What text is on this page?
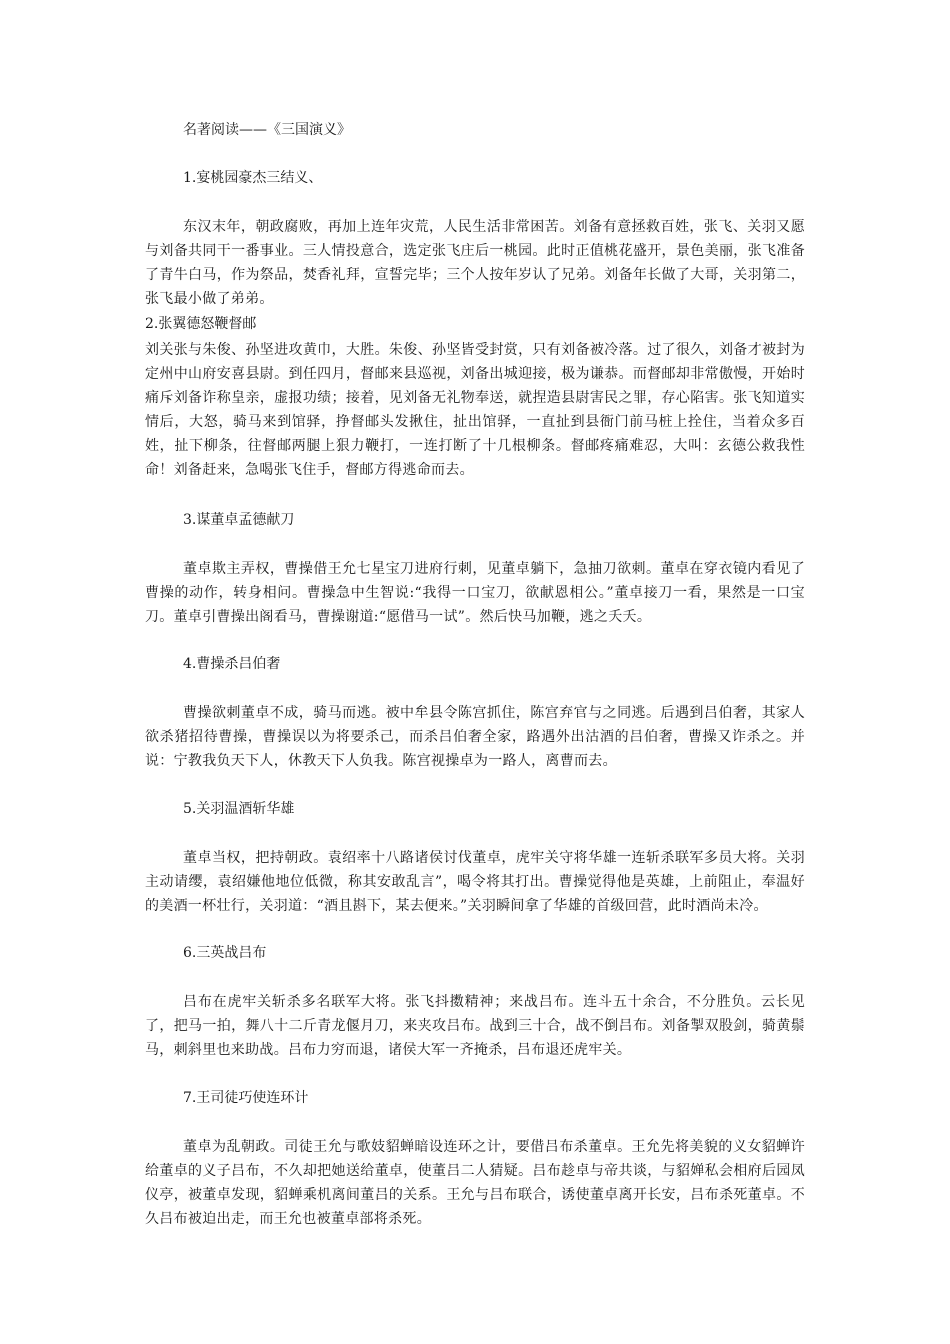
名著阅读——《三国演义》
1.宴桃园豪杰三结义、

东汉末年，朝政腐败，再加上连年灾荒，人民生活非常困苦。刘备有意拯救百姓，张飞、关羽又愿与刘备共同干一番事业。三人情投意合，选定张飞庄后一桃园。此时正值桃花盛开，景色美丽，张飞准备了青牛白马，作为祭品，焚香礼拜，宣誓完毕；三个人按年岁认了兄弟。刘备年长做了大哥，关羽第二，张飞最小做了弟弟。

2.张翼德怒鞭督邮

刘关张与朱俊、孙坚进攻黄巾，大胜。朱俊、孙坚皆受封赏，只有刘备被冷落。过了很久，刘备才被封为定州中山府安喜县尉。到任四月，督邮来县巡视，刘备出城迎接，极为谦恭。而督邮却非常傲慢，开始时痛斥刘备诈称皇亲，虚报功绩；接着，见刘备无礼物奉送，就捏造县尉害民之罪，存心陷害。张飞知道实情后，大怒，骑马来到馆驿，挣督邮头发揪住，扯出馆驿，一直扯到县衙门前马桩上拴住，当着众多百姓，扯下柳条，往督邮两腿上狠力鞭打，一连打断了十几根柳条。督邮疼痛难忍，大叫：玄德公救我性命！刘备赶来，急喝张飞住手，督邮方得逃命而去。

3.谋董卓孟德献刀

董卓欺主弄权，曹操借王允七星宝刀进府行刺，见董卓躺下，急抽刀欲刺。董卓在穿衣镜内看见了曹操的动作，转身相问。曹操急中生智说:“我得一口宝刀，欲献恩相公。”董卓接刀一看，果然是一口宝刀。董卓引曹操出阁看马，曹操谢道:“愿借马一试”。然后快马加鞭，逃之夭夭。

4.曹操杀吕伯奢

曹操欲刺董卓不成，骑马而逃。被中牟县令陈宫抓住，陈宫弃官与之同逃。后遇到吕伯奢，其家人欲杀猪招待曹操，曹操误以为将要杀己，而杀吕伯奢全家，路遇外出沽酒的吕伯奢，曹操又诈杀之。并说：宁教我负天下人，休教天下人负我。陈宫视操卓为一路人，离曹而去。

5.关羽温酒斩华雄

董卓当权，把持朝政。袁绍率十八路诸侯讨伐董卓，虎牢关守将华雄一连斩杀联军多员大将。关羽主动请缨，袁绍嫌他地位低微，称其安敢乱言”，喝令将其打出。曹操觉得他是英雄，上前阻止，奉温好的美酒一杯壮行，关羽道：“酒且斟下，某去便来。”关羽瞬间拿了华雄的首级回营，此时酒尚未冷。

6.三英战吕布

吕布在虎牢关斩杀多名联军大将。张飞抖擞精神；来战吕布。连斗五十余合，不分胜负。云长见了，把马一拍，舞八十二斤青龙偃月刀，来夹攻吕布。战到三十合，战不倒吕布。刘备掣双股剑，骑黄鬃马，刺斜里也来助战。吕布力穷而退，诸侯大军一齐掩杀，吕布退还虎牢关。

7.王司徒巧使连环计

董卓为乱朝政。司徒王允与歌妓貂蝉暗设连环之计，要借吕布杀董卓。王允先将美貌的义女貂蝉许给董卓的义子吕布，不久却把她送给董卓，使董吕二人猜疑。吕布趁卓与帝共谈，与貂婵私会相府后园凤仪亭，被董卓发现，貂蝉乘机离间董吕的关系。王允与吕布联合，诱使董卓离开长安，吕布杀死董卓。不久吕布被迫出走，而王允也被董卓部将杀死。
